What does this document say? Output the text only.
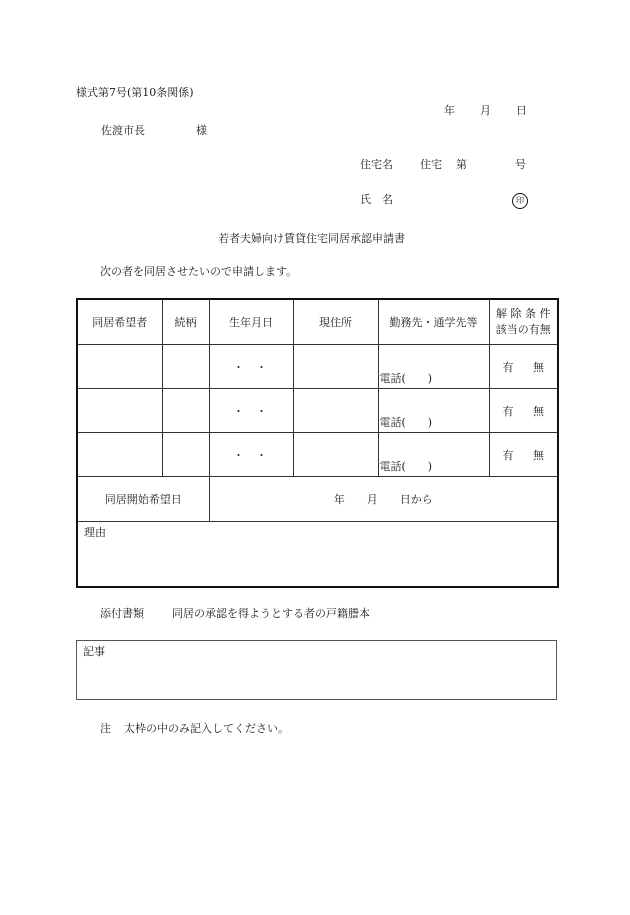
様式第7号(第10条関係)
年 月 日
佐渡市長	様
住宅名 住宅 第	号
氏　名	印
若者夫婦向け賃貸住宅同居承認申請書
次の者を同居させたいので申請します。
同居希望者	続柄	生年月日	現住所	勤務先・通学先等	解 除 条 件
該当の有無

		・・		電話(　　)	有 無

		・・		電話(　　)	有 無

		・・		電話(　　)	有 無

同居開始希望日		年　　月　　日から			
理由					
添付書類	同居の承認を得ようとする者の戸籍謄本
記事
注 太枠の中のみ記入してください。
